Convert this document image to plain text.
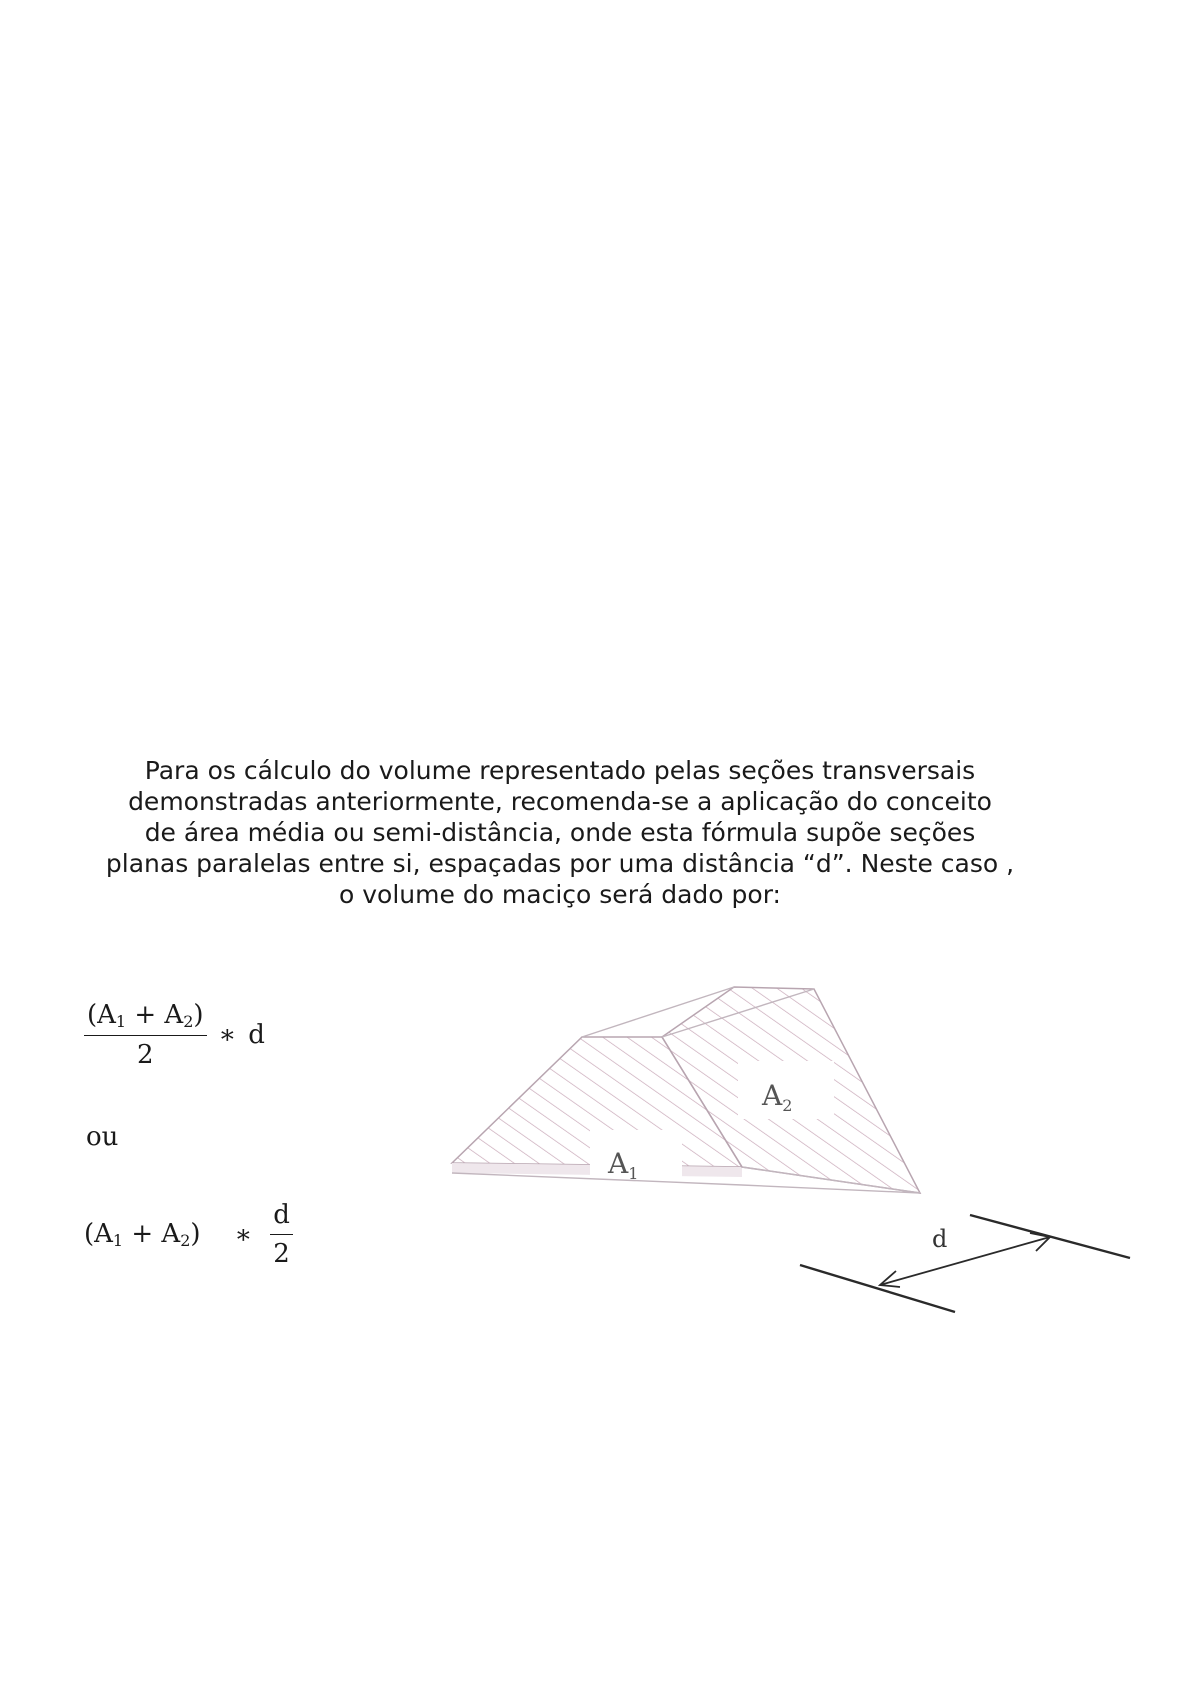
Para os cálculo do volume representado pelas seções transversais
demonstradas anteriormente, recomenda-se a aplicação do conceito
de área média ou semi-distância, onde esta fórmula supõe seções
planas paralelas entre si, espaçadas por uma distância “d”. Neste caso ,
o volume do maciço será dado por:
$\frac{(A_1 + A_2)}{2}$ ∗ d
ou
$(A_1 + A_2)$ ∗ $\frac{d}{2}$
$A_1$
$A_2$
d
